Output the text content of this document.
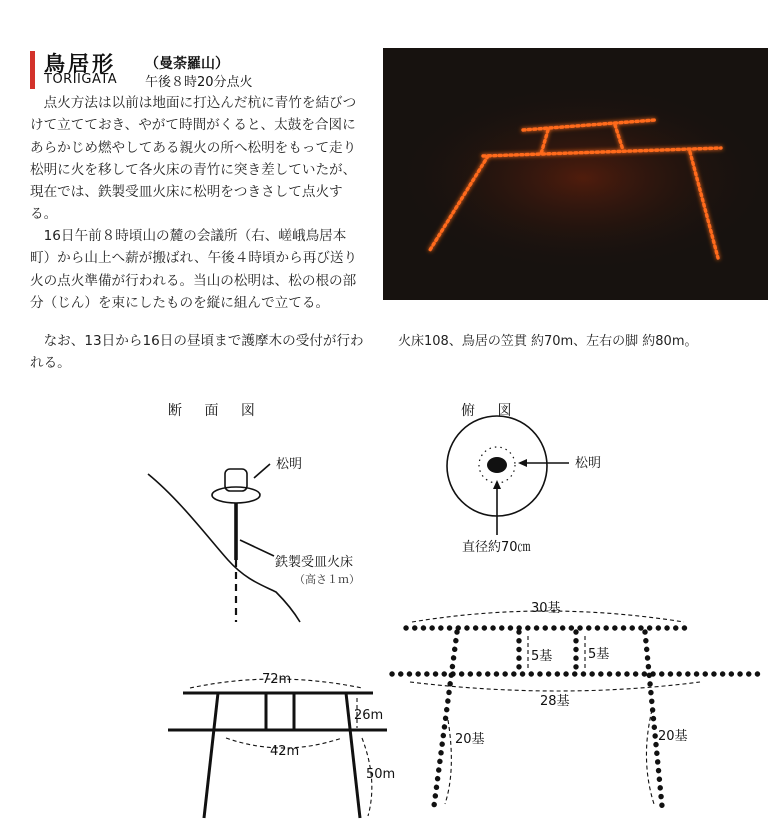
鳥居形 （曼荼羅山）
TORIIGATA 午後８時20分点火

　点火方法は以前は地面に打込んだ杭に青竹を結びつけて立てておき、やがて時間がくると、太鼓を合図にあらかじめ燃やしてある親火の所へ松明をもって走り松明に火を移して各火床の青竹に突き差していたが、現在では、鉄製受皿火床に松明をつきさして点火する。

　16日午前８時頃山の麓の会議所（右、嵯峨鳥居本町）から山上へ薪が搬ばれ、午後４時頃から再び送り火の点火準備が行われる。当山の松明は、松の根の部分（じん）を束にしたものを縦に組んで立てる。

　なお、13日から16日の昼頃まで護摩木の受付が行われる。

火床108、鳥居の笠貫 約70m、左右の脚 約80m。
断 面 図	俯 図
松明
鉄製受皿火床
（高さ１ｍ）
松明
直径約70㎝
72m
42m
26m
50m
30基
5基	5基
28基
20基	20基
